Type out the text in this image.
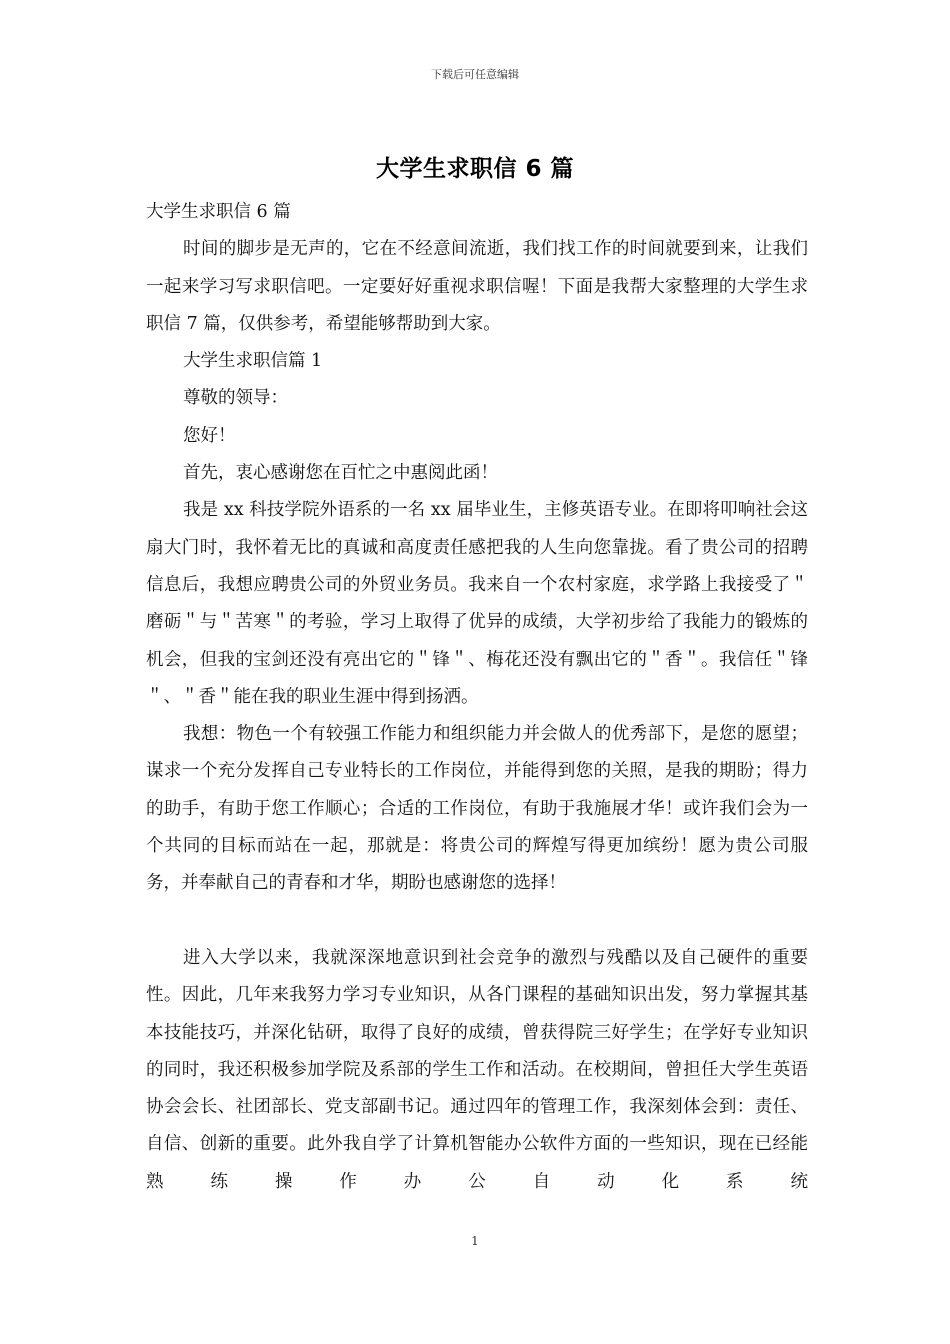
下载后可任意编辑
大学生求职信 6 篇

大学生求职信 6 篇

时间的脚步是无声的，它在不经意间流逝，我们找工作的时间就要到来，让我们一起来学习写求职信吧。一定要好好重视求职信喔！下面是我帮大家整理的大学生求职信 7 篇，仅供参考，希望能够帮助到大家。

大学生求职信篇 1

尊敬的领导：

您好！

首先，衷心感谢您在百忙之中惠阅此函！

我是 xx 科技学院外语系的一名 xx 届毕业生，主修英语专业。在即将叩响社会这扇大门时，我怀着无比的真诚和高度责任感把我的人生向您靠拢。看了贵公司的招聘信息后，我想应聘贵公司的外贸业务员。我来自一个农村家庭，求学路上我接受了＂磨砺＂与＂苦寒＂的考验，学习上取得了优异的成绩，大学初步给了我能力的锻炼的机会，但我的宝剑还没有亮出它的＂锋＂、梅花还没有飘出它的＂香＂。我信任＂锋＂、＂香＂能在我的职业生涯中得到扬洒。

我想：物色一个有较强工作能力和组织能力并会做人的优秀部下，是您的愿望；谋求一个充分发挥自己专业特长的工作岗位，并能得到您的关照，是我的期盼；得力的助手，有助于您工作顺心；合适的工作岗位，有助于我施展才华！或许我们会为一个共同的目标而站在一起，那就是：将贵公司的辉煌写得更加缤纷！愿为贵公司服务，并奉献自己的青春和才华，期盼也感谢您的选择！

进入大学以来，我就深深地意识到社会竞争的激烈与残酷以及自己硬件的重要性。因此，几年来我努力学习专业知识，从各门课程的基础知识出发，努力掌握其基本技能技巧，并深化钻研，取得了良好的成绩，曾获得院三好学生；在学好专业知识的同时，我还积极参加学院及系部的学生工作和活动。在校期间，曾担任大学生英语协会会长、社团部长、党支部副书记。通过四年的管理工作，我深刻体会到：责任、自信、创新的重要。此外我自学了计算机智能办公软件方面的一些知识，现在已经能熟练操作办公自动化系统

1
